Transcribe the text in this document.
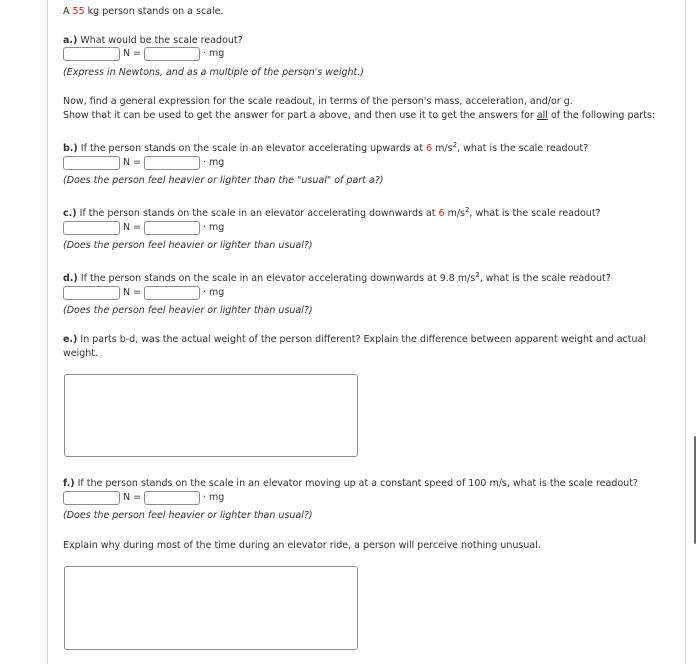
A 55 kg person stands on a scale.
a.) What would be the scale readout?
N =	· mg
(Express in Newtons, and as a multiple of the person's weight.)
Now, find a general expression for the scale readout, in terms of the person's mass, acceleration, and/or g.
Show that it can be used to get the answer for part a above, and then use it to get the answers for all of the following parts:
b.) If the person stands on the scale in an elevator accelerating upwards at 6 $m/s^2$, what is the scale readout?
N =	· mg
(Does the person feel heavier or lighter than the "usual" of part a?)
c.) If the person stands on the scale in an elevator accelerating downwards at 6 $m/s^2$, what is the scale readout?
N =	· mg
(Does the person feel heavier or lighter than usual?)
d.) If the person stands on the scale in an elevator accelerating downwards at 9.8 $m/s^2$, what is the scale readout?
N =	· mg
(Does the person feel heavier or lighter than usual?)
e.) In parts b-d, was the actual weight of the person different? Explain the difference between apparent weight and actual
weight.
f.) If the person stands on the scale in an elevator moving up at a constant speed of 100 m/s, what is the scale readout?
N =	· mg
(Does the person feel heavier or lighter than usual?)
Explain why during most of the time during an elevator ride, a person will perceive nothing unusual.
